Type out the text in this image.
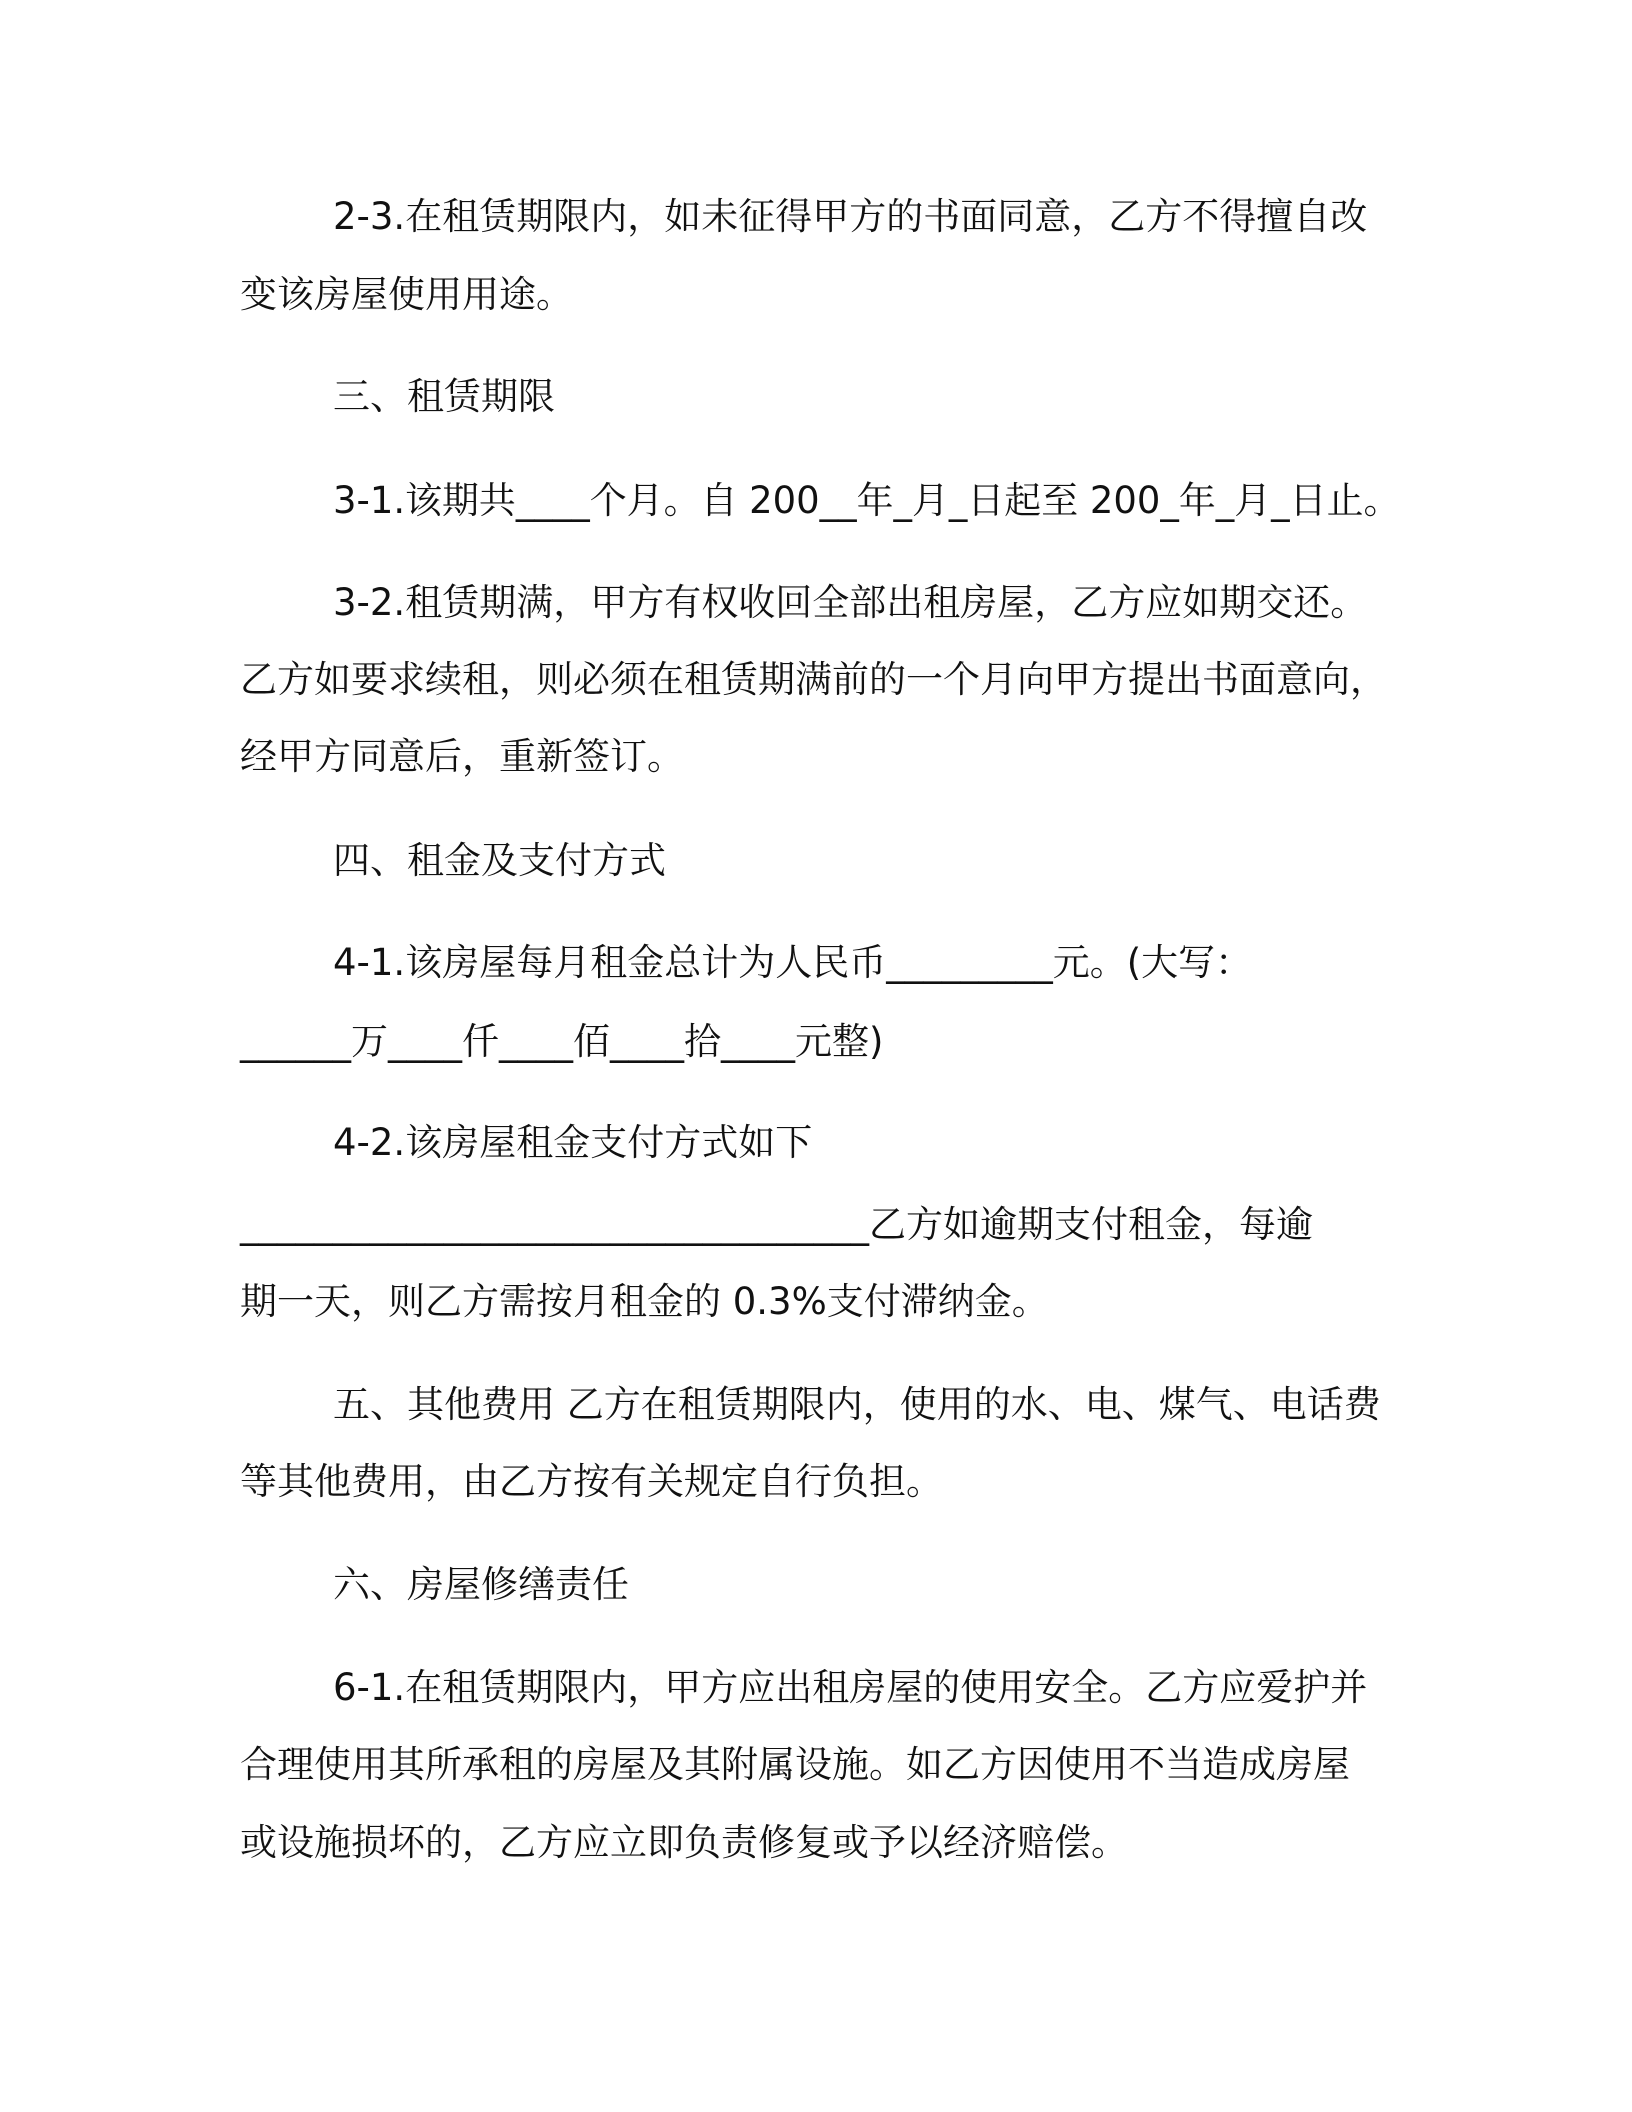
2-3.在租赁期限内，如未征得甲方的书面同意，乙方不得擅自改
变该房屋使用用途。
三、租赁期限
3-1.该期共____个月。自 200__年_月_日起至 200_年_月_日止。
3-2.租赁期满，甲方有权收回全部出租房屋，乙方应如期交还。
乙方如要求续租，则必须在租赁期满前的一个月向甲方提出书面意向，
经甲方同意后，重新签订。
四、租金及支付方式
4-1.该房屋每月租金总计为人民币_________元。(大写：
______万____仟____佰____拾____元整)
4-2.该房屋租金支付方式如下
__________________________________乙方如逾期支付租金，每逾
期一天，则乙方需按月租金的 0.3%支付滞纳金。
五、其他费用 乙方在租赁期限内，使用的水、电、煤气、电话费
等其他费用，由乙方按有关规定自行负担。
六、房屋修缮责任
6-1.在租赁期限内，甲方应出租房屋的使用安全。乙方应爱护并
合理使用其所承租的房屋及其附属设施。如乙方因使用不当造成房屋
或设施损坏的，乙方应立即负责修复或予以经济赔偿。
